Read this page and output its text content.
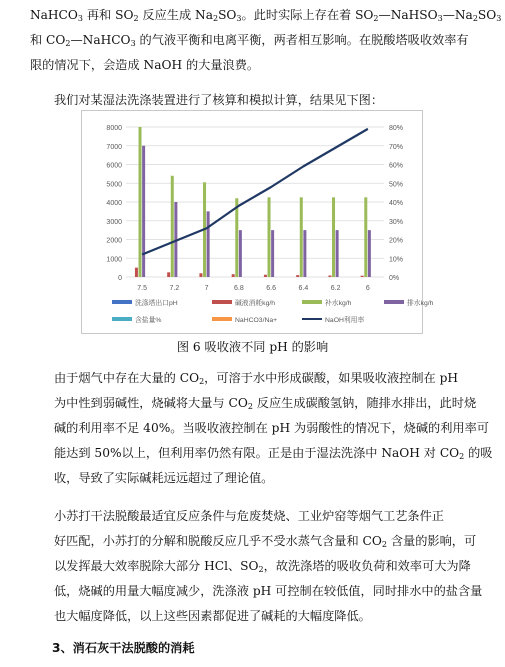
NaHCO$_3$ 再和 $SO_2$ 反应生成 $Na_2SO_3$。此时实际上存在着 $SO_2—NaHSO_3—Na_2SO_3$
和 $CO_2—NaHCO_3$ 的气液平衡和电离平衡，两者相互影响。在脱酸塔吸收效率有
限的情况下，会造成 NaOH 的大量浪费。
我们对某湿法洗涤装置进行了核算和模拟计算，结果见下图：
0
1000
2000
3000
4000
5000
6000
7000
8000
0%
10%
20%
30%
40%
50%
60%
70%
80%
7.5	7.2	7	6.8	6.6	6.4	6.2	6
洗涤塔出口pH	碱液消耗kg/h	补水kg/h	排水kg/h
含盐量%	NaHCO3/Na+	NaOH利用率
图 6 吸收液不同 pH 的影响
由于烟气中存在大量的 $CO_2$，可溶于水中形成碳酸，如果吸收液控制在 pH
为中性到弱碱性，烧碱将大量与 $CO_2$ 反应生成碳酸氢钠，随排水排出，此时烧
碱的利用率不足 40%。当吸收液控制在 pH 为弱酸性的情况下，烧碱的利用率可
能达到 50%以上，但利用率仍然有限。正是由于湿法洗涤中 NaOH 对 $CO_2$ 的吸
收，导致了实际碱耗远远超过了理论值。
小苏打干法脱酸最适宜反应条件与危废焚烧、工业炉窑等烟气工艺条件正
好匹配，小苏打的分解和脱酸反应几乎不受水蒸气含量和 $CO_2$ 含量的影响，可
以发挥最大效率脱除大部分 HCl、$SO_2$，故洗涤塔的吸收负荷和效率可大为降
低，烧碱的用量大幅度减少，洗涤液 pH 可控制在较低值，同时排水中的盐含量
也大幅度降低，以上这些因素都促进了碱耗的大幅度降低。
3、消石灰干法脱酸的消耗
